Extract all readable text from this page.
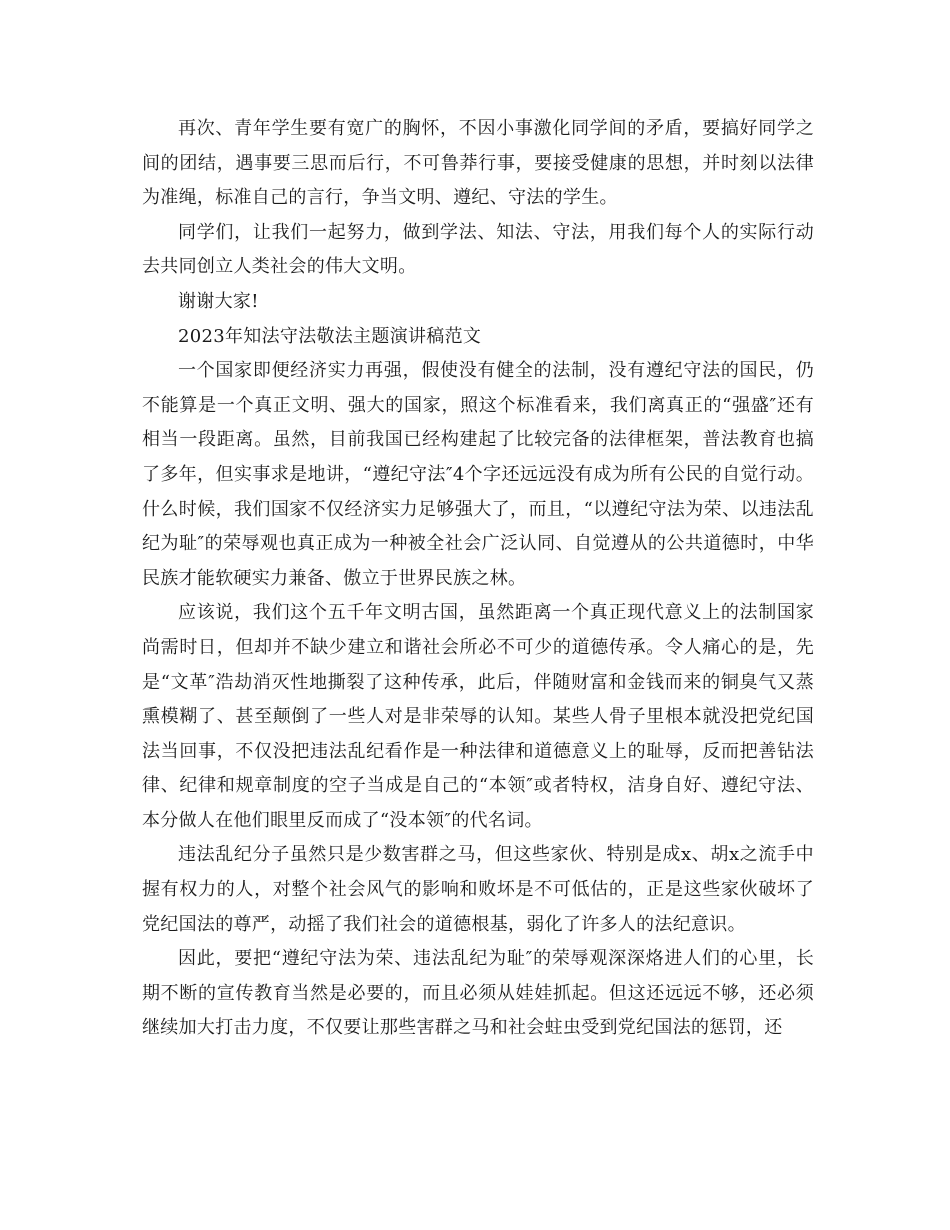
再次、青年学生要有宽广的胸怀，不因小事激化同学间的矛盾，要搞好同学之间的团结，遇事要三思而后行，不可鲁莽行事，要接受健康的思想，并时刻以法律为准绳，标准自己的言行，争当文明、遵纪、守法的学生。

同学们，让我们一起努力，做到学法、知法、守法，用我们每个人的实际行动去共同创立人类社会的伟大文明。

谢谢大家!

2023年知法守法敬法主题演讲稿范文

一个国家即便经济实力再强，假使没有健全的法制，没有遵纪守法的国民，仍不能算是一个真正文明、强大的国家，照这个标准看来，我们离真正的“强盛″还有相当一段距离。虽然，目前我国已经构建起了比较完备的法律框架，普法教育也搞了多年，但实事求是地讲，“遵纪守法″4个字还远远没有成为所有公民的自觉行动。什么时候，我们国家不仅经济实力足够强大了，而且，“以遵纪守法为荣、以违法乱纪为耻″的荣辱观也真正成为一种被全社会广泛认同、自觉遵从的公共道德时，中华民族才能软硬实力兼备、傲立于世界民族之林。

应该说，我们这个五千年文明古国，虽然距离一个真正现代意义上的法制国家尚需时日，但却并不缺少建立和谐社会所必不可少的道德传承。令人痛心的是，先是“文革″浩劫消灭性地撕裂了这种传承，此后，伴随财富和金钱而来的铜臭气又蒸熏模糊了、甚至颠倒了一些人对是非荣辱的认知。某些人骨子里根本就没把党纪国法当回事，不仅没把违法乱纪看作是一种法律和道德意义上的耻辱，反而把善钻法律、纪律和规章制度的空子当成是自己的“本领″或者特权，洁身自好、遵纪守法、本分做人在他们眼里反而成了“没本领″的代名词。

违法乱纪分子虽然只是少数害群之马，但这些家伙、特别是成x、胡x之流手中握有权力的人，对整个社会风气的影响和败坏是不可低估的，正是这些家伙破坏了党纪国法的尊严，动摇了我们社会的道德根基，弱化了许多人的法纪意识。

因此，要把“遵纪守法为荣、违法乱纪为耻″的荣辱观深深烙进人们的心里，长期不断的宣传教育当然是必要的，而且必须从娃娃抓起。但这还远远不够，还必须继续加大打击力度，不仅要让那些害群之马和社会蛀虫受到党纪国法的惩罚，还
